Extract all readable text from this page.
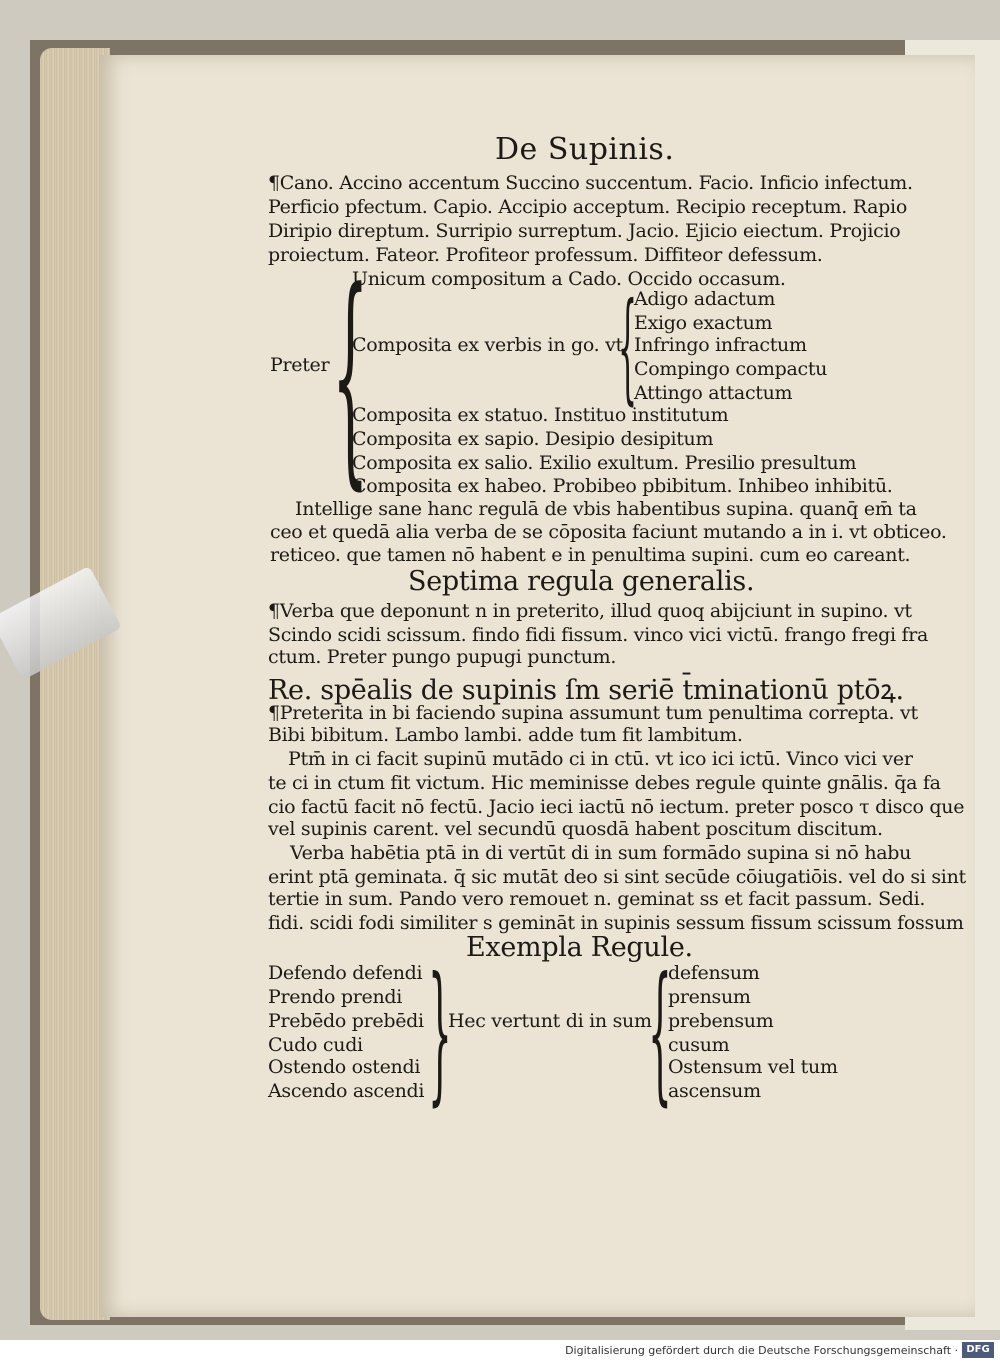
De Supinis.
¶Cano. Accino accentum Succino succentum. Facio. Inficio infectum.
Perficio pfectum. Capio. Accipio acceptum. Recipio receptum. Rapio
Diripio direptum. Surripio surreptum. Jacio. Ejicio eiectum. Projicio
proiectum. Fateor. Profiteor professum. Diffiteor defessum.
Preter {
Unicum compositum a Cado. Occido occasum.
Composita ex verbis in go. vt
{
Adigo adactum
Exigo exactum
Infringo infractum
Compingo compactu
Attingo attactum
Composita ex statuo. Instituo institutum
Composita ex sapio. Desipio desipitum
Composita ex salio. Exilio exultum. Presilio presultum
Composita ex habeo. Probibeo pbibitum. Inhibeo inhibitū.
Intellige sane hanc regulā de vbis habentibus supina. quanq̄ em̄ ta
ceo et quedā alia verba de se cōposita faciunt mutando a in i. vt obticeo.
reticeo. que tamen nō habent e in penultima supini. cum eo careant.
Septima regula generalis.
¶Verba que deponunt n in preterito, illud quoq abijciunt in supino. vt
Scindo scidi scissum. findo fidi fissum. vinco vici victū. frango fregi fra
ctum. Preter pungo pupugi punctum.
Re. spēalis de supinis ſm seriē t̄minationū ptōꝝ.
¶Preterita in bi faciendo supina assumunt tum penultima correpta. vt
Bibi bibitum. Lambo lambi. adde tum fit lambitum.
Ptm̄ in ci facit supinū mutādo ci in ctū. vt ico ici ictū. Vinco vici ver
te ci in ctum fit victum. Hic meminisse debes regule quinte gnālis. q̄a fa
cio factū facit nō fectū. Jacio ieci iactū nō iectum. preter posco τ disco que
vel supinis carent. vel secundū quosdā habent poscitum discitum.
Verba habētia ptā in di vertūt di in sum formādo supina si nō habu
erint ptā geminata. q̄ sic mutāt deo si sint secūde cōiugatiōis. vel do si sint
tertie in sum. Pando vero remouet n. geminat ss et facit passum. Sedi.
fidi. scidi fodi similiter s gemināt in supinis sessum fissum scissum fossum
Exempla Regule.
Defendo defendi
Prendo prendi
Prebēdo prebēdi
Cudo cudi
Ostendo ostendi
Ascendo ascendi }
Hec vertunt di in sum
{
defensum
prensum
prebensum
cusum
Ostensum vel tum
ascensum
Digitalisierung gefördert durch die Deutsche Forschungsgemeinschaft · DFG
